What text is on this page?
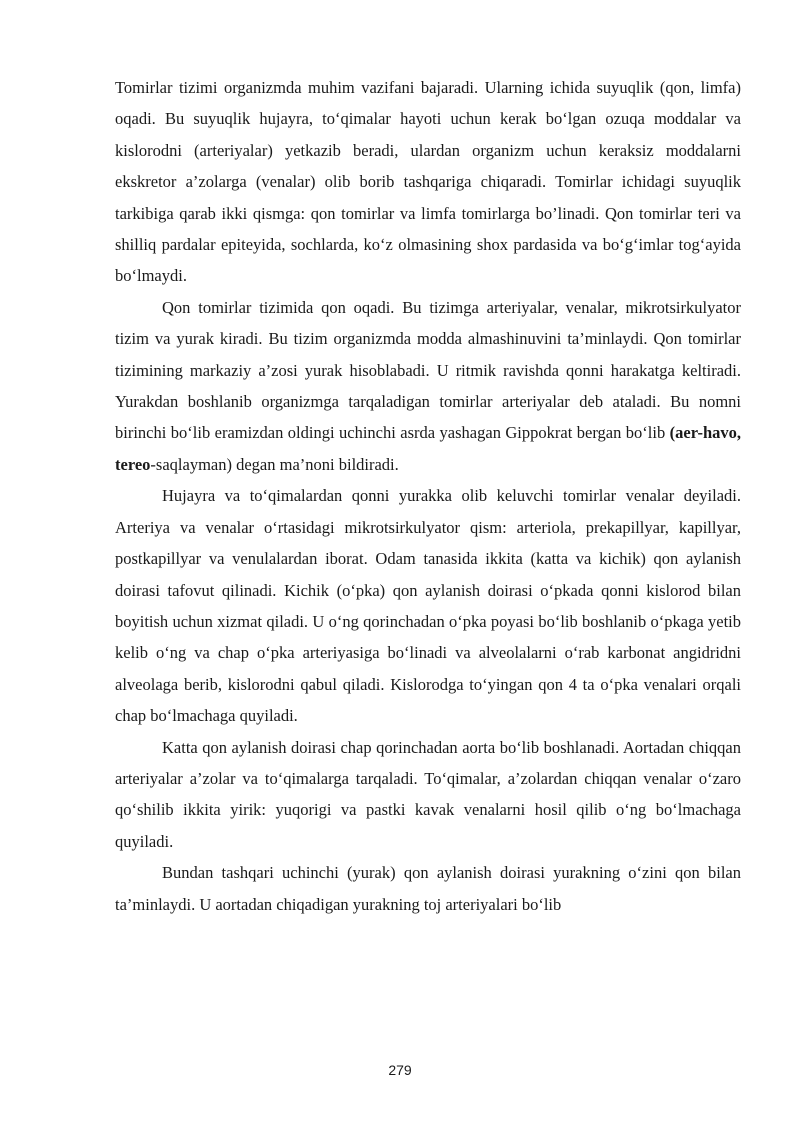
Tomirlar tizimi organizmda muhim vazifani bajaradi. Ularning ichida suyuqlik (qon, limfa) oqadi. Bu suyuqlik hujayra, to‘qimalar hayoti uchun kerak bo‘lgan ozuqa moddalar va kislorodni (arteriyalar) yetkazib beradi, ulardan organizm uchun keraksiz moddalarni ekskretor a’zolarga (venalar) olib borib tashqariga chiqaradi. Tomirlar ichidagi suyuqlik tarkibiga qarab ikki qismga: qon tomirlar va limfa tomirlarga bo’linadi. Qon tomirlar teri va shilliq pardalar epiteyida, sochlarda, ko‘z olmasining shox pardasida va bo‘g‘imlar tog‘ayida bo‘lmaydi.

Qon tomirlar tizimida qon oqadi. Bu tizimga arteriyalar, venalar, mikrotsirkulyator tizim va yurak kiradi. Bu tizim organizmda modda almashinuvini ta’minlaydi. Qon tomirlar tizimining markaziy a’zosi yurak hisoblabadi. U ritmik ravishda qonni harakatga keltiradi. Yurakdan boshlanib organizmga tarqaladigan tomirlar arteriyalar deb ataladi. Bu nomni birinchi bo‘lib eramizdan oldingi uchinchi asrda yashagan Gippokrat bergan bo‘lib (aer-havo, tereo-saqlayman) degan ma’noni bildiradi.

Hujayra va to‘qimalardan qonni yurakka olib keluvchi tomirlar venalar deyiladi. Arteriya va venalar o‘rtasidagi mikrotsirkulyator qism: arteriola, prekapillyar, kapillyar, postkapillyar va venulalardan iborat. Odam tanasida ikkita (katta va kichik) qon aylanish doirasi tafovut qilinadi. Kichik (o‘pka) qon aylanish doirasi o‘pkada qonni kislorod bilan boyitish uchun xizmat qiladi. U o‘ng qorinchadan o‘pka poyasi bo‘lib boshlanib o‘pkaga yetib kelib o‘ng va chap o‘pka arteriyasiga bo‘linadi va alveolalarni o‘rab karbonat angidridni alveolaga berib, kislorodni qabul qiladi. Kislorodga to‘yingan qon 4 ta o‘pka venalari orqali chap bo‘lmachaga quyiladi.

Katta qon aylanish doirasi chap qorinchadan aorta bo‘lib boshlanadi. Aortadan chiqqan arteriyalar a’zolar va to‘qimalarga tarqaladi. To‘qimalar, a’zolardan chiqqan venalar o‘zaro qo‘shilib ikkita yirik: yuqorigi va pastki kavak venalarni hosil qilib o‘ng bo‘lmachaga quyiladi.

Bundan tashqari uchinchi (yurak) qon aylanish doirasi yurakning o‘zini qon bilan ta’minlaydi. U aortadan chiqadigan yurakning toj arteriyalari bo‘lib

279
